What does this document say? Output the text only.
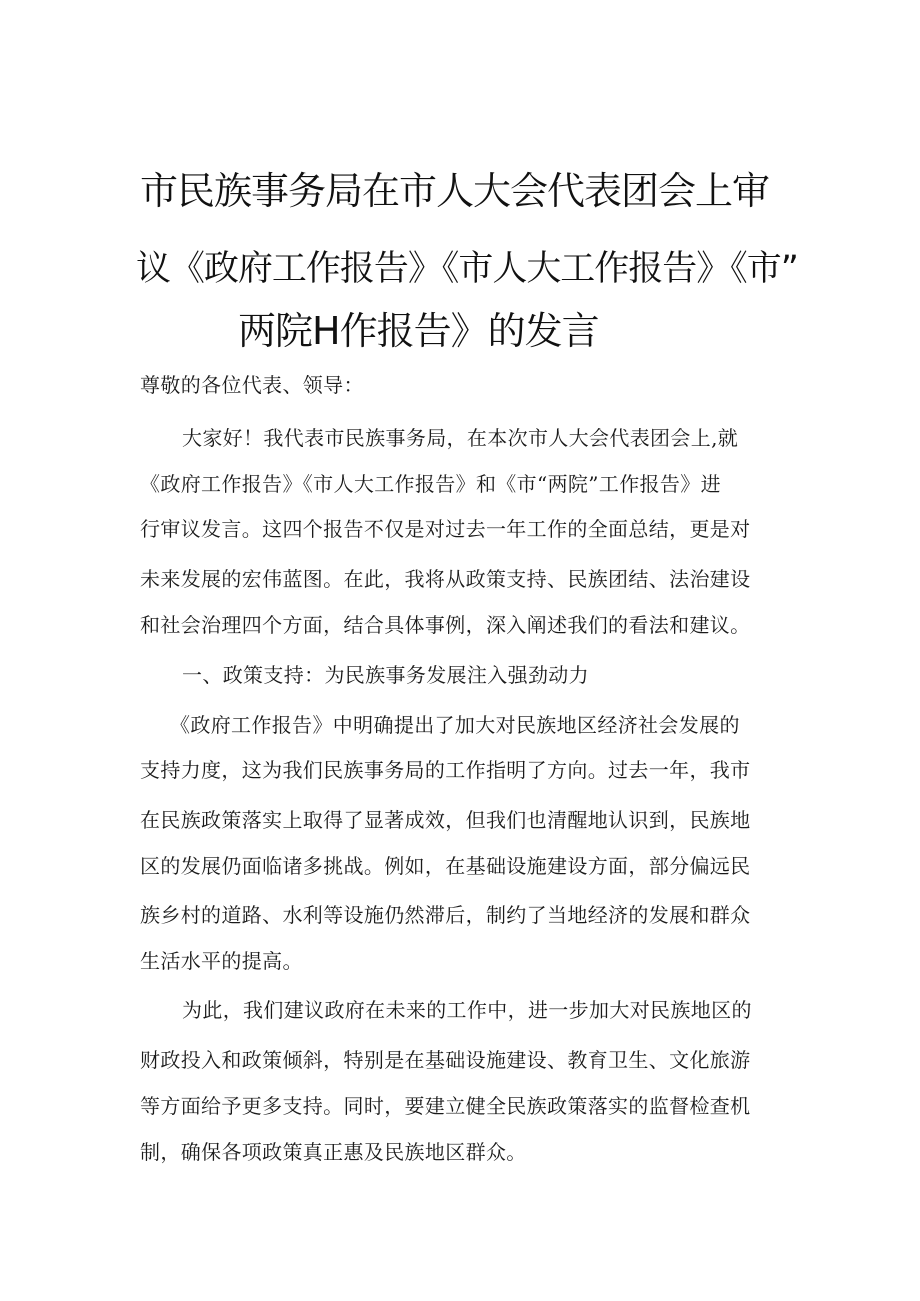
市民族事务局在市人大会代表团会上审
议《政府工作报告》《市人大工作报告》《市”
两院H作报告》的发言
尊敬的各位代表、领导：
大家好！我代表市民族事务局，在本次市人大会代表团会上,就
《政府工作报告》《市人大工作报告》和《市“两院”工作报告》进
行审议发言。这四个报告不仅是对过去一年工作的全面总结，更是对
未来发展的宏伟蓝图。在此，我将从政策支持、民族团结、法治建设
和社会治理四个方面，结合具体事例，深入阐述我们的看法和建议。
一、政策支持：为民族事务发展注入强劲动力
《政府工作报告》中明确提出了加大对民族地区经济社会发展的
支持力度，这为我们民族事务局的工作指明了方向。过去一年，我市
在民族政策落实上取得了显著成效，但我们也清醒地认识到，民族地
区的发展仍面临诸多挑战。例如，在基础设施建设方面，部分偏远民
族乡村的道路、水利等设施仍然滞后，制约了当地经济的发展和群众
生活水平的提高。
为此，我们建议政府在未来的工作中，进一步加大对民族地区的
财政投入和政策倾斜，特别是在基础设施建设、教育卫生、文化旅游
等方面给予更多支持。同时，要建立健全民族政策落实的监督检查机
制，确保各项政策真正惠及民族地区群众。
